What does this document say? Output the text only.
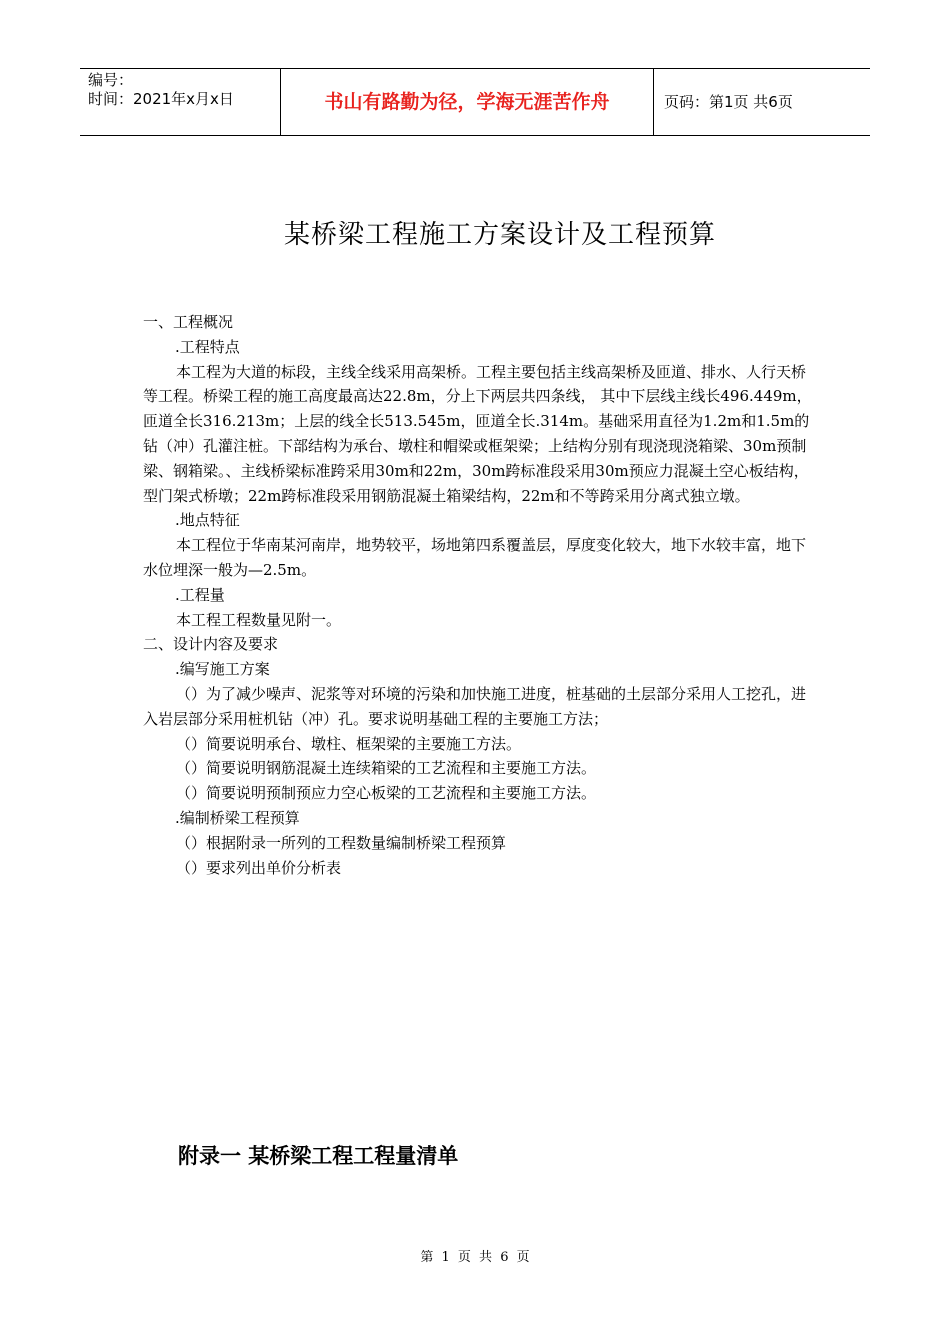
编号：
时间：2021年x月x日	书山有路勤为径，学海无涯苦作舟	页码：第1页 共6页
某桥梁工程施工方案设计及工程预算

一、工程概况

.工程特点

本工程为大道的标段，主线全线采用高架桥。工程主要包括主线高架桥及匝道、排水、人行天桥等工程。桥梁工程的施工高度最高达22.8m，分上下两层共四条线， 其中下层线主线长496.449m，匝道全长316.213m；上层的线全长513.545m，匝道全长.314m。基础采用直径为1.2m和1.5m的钻（冲）孔灌注桩。下部结构为承台、墩柱和帽梁或框架梁；上结构分别有现浇现浇箱梁、30m预制梁、钢箱梁。、主线桥梁标准跨采用30m和22m，30m跨标准段采用30m预应力混凝土空心板结构，型门架式桥墩；22m跨标准段采用钢筋混凝土箱梁结构，22m和不等跨采用分离式独立墩。

.地点特征

本工程位于华南某河南岸，地势较平，场地第四系覆盖层，厚度变化较大，地下水较丰富，地下水位埋深一般为—2.5m。

.工程量

本工程工程数量见附一。

二、设计内容及要求

.编写施工方案

（）为了减少噪声、泥浆等对环境的污染和加快施工进度，桩基础的土层部分采用人工挖孔，进入岩层部分采用桩机钻（冲）孔。要求说明基础工程的主要施工方法；

（）简要说明承台、墩柱、框架梁的主要施工方法。

（）简要说明钢筋混凝土连续箱梁的工艺流程和主要施工方法。

（）简要说明预制预应力空心板梁的工艺流程和主要施工方法。

.编制桥梁工程预算

（）根据附录一所列的工程数量编制桥梁工程预算

（）要求列出单价分析表

附录一 某桥梁工程工程量清单
第 1 页 共 6 页
